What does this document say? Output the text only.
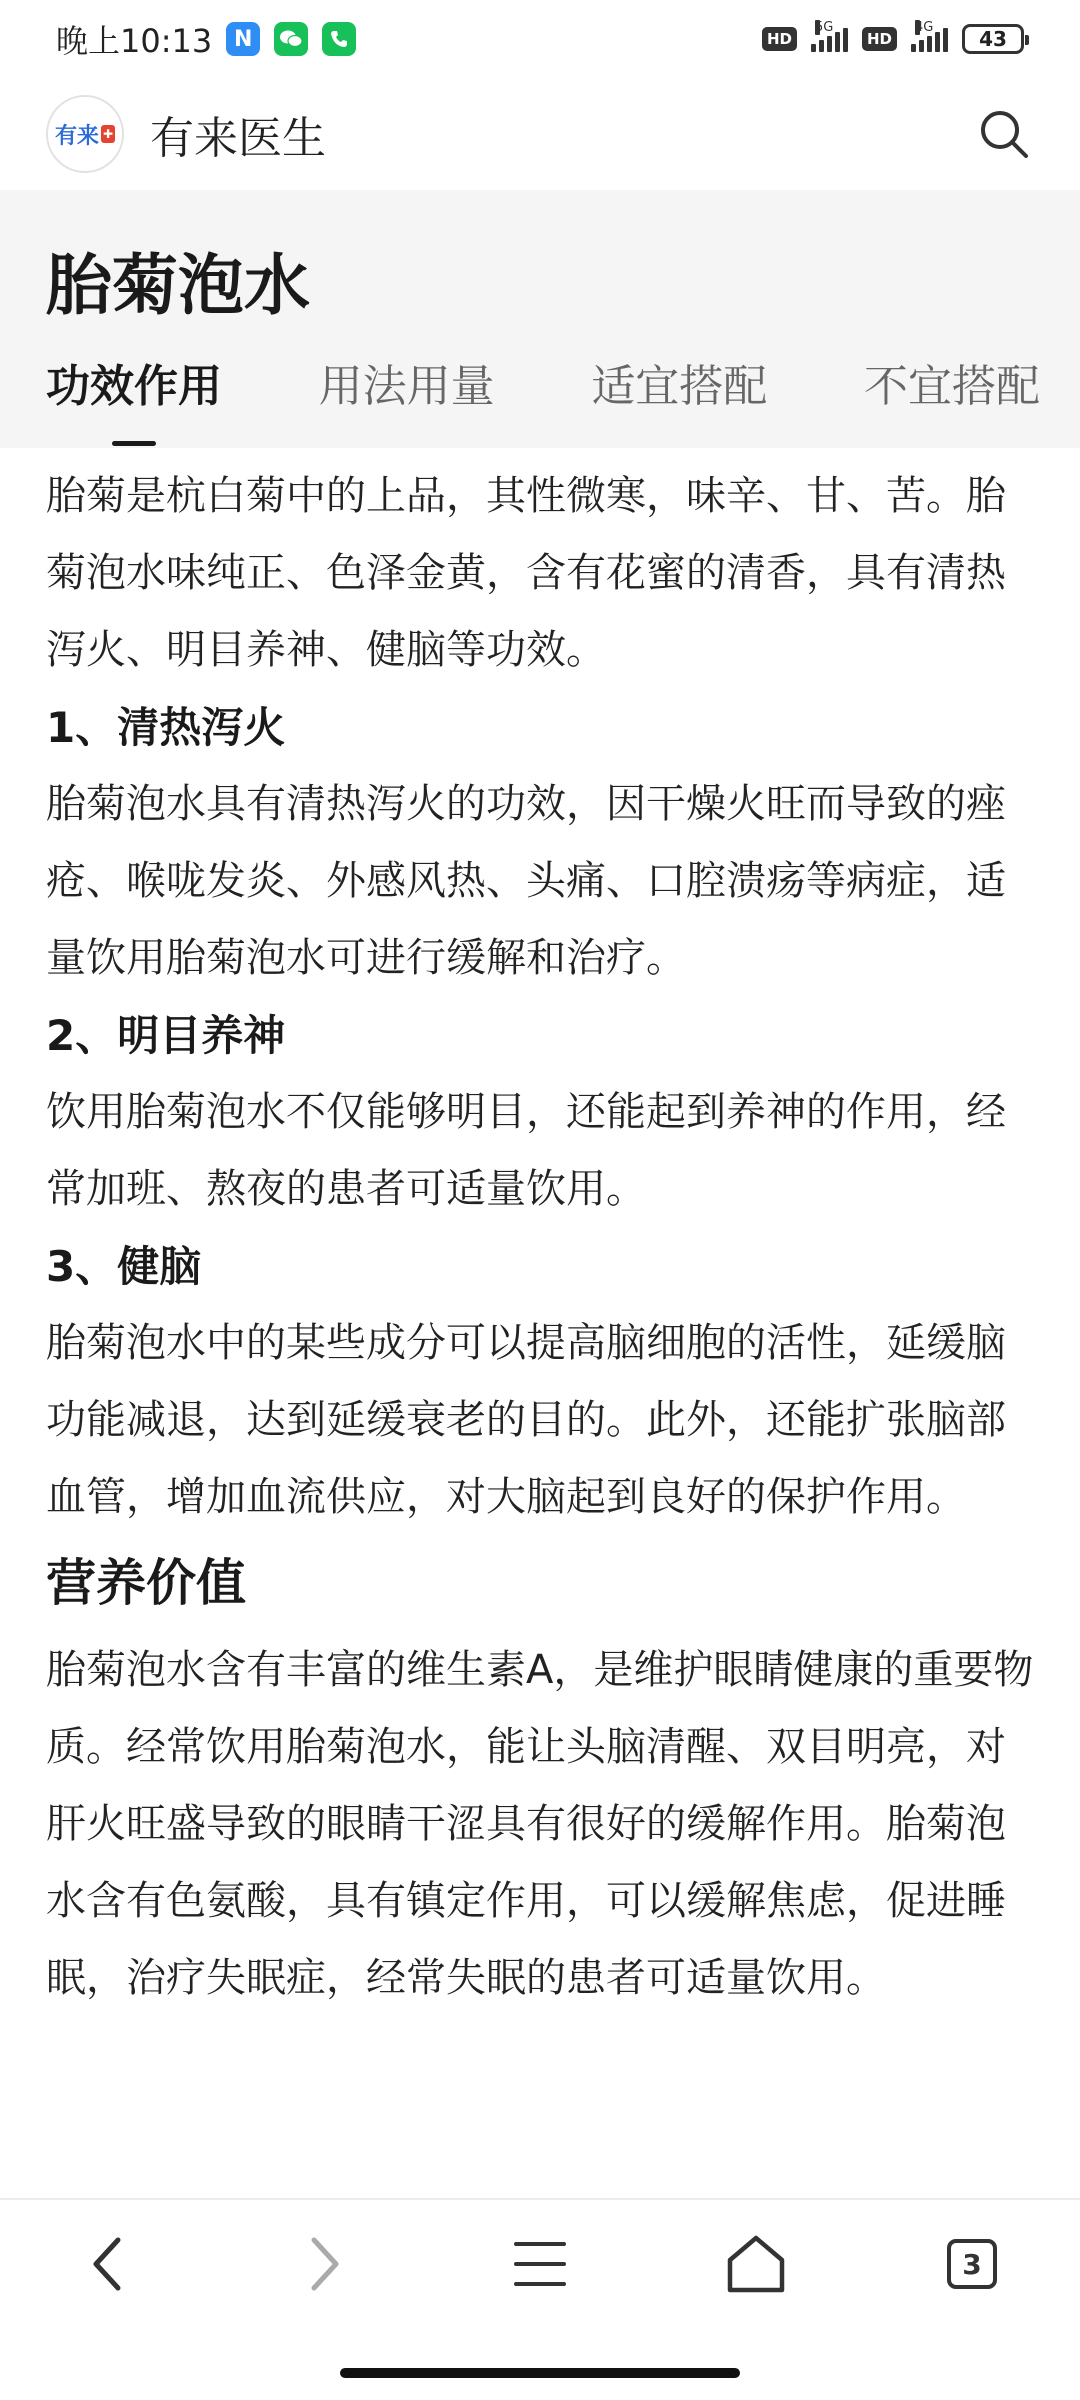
晚上10:13 N	HD
5G
HD
4G	43
有来 ✚ 有来医生
胎菊泡水
功效作用 用法用量 适宜搭配 不宜搭配

胎菊是杭白菊中的上品，其性微寒，味辛、甘、苦。胎菊泡水味纯正、色泽金黄，含有花蜜的清香，具有清热泻火、明目养神、健脑等功效。

1、清热泻火

胎菊泡水具有清热泻火的功效，因干燥火旺而导致的痤疮、喉咙发炎、外感风热、头痛、口腔溃疡等病症，适量饮用胎菊泡水可进行缓解和治疗。

2、明目养神

饮用胎菊泡水不仅能够明目，还能起到养神的作用，经常加班、熬夜的患者可适量饮用。

3、健脑

胎菊泡水中的某些成分可以提高脑细胞的活性，延缓脑功能减退，达到延缓衰老的目的。此外，还能扩张脑部血管，增加血流供应，对大脑起到良好的保护作用。

营养价值

胎菊泡水含有丰富的维生素A，是维护眼睛健康的重要物质。经常饮用胎菊泡水，能让头脑清醒、双目明亮，对肝火旺盛导致的眼睛干涩具有很好的缓解作用。胎菊泡水含有色氨酸，具有镇定作用，可以缓解焦虑，促进睡眠，治疗失眠症，经常失眠的患者可适量饮用。

3
